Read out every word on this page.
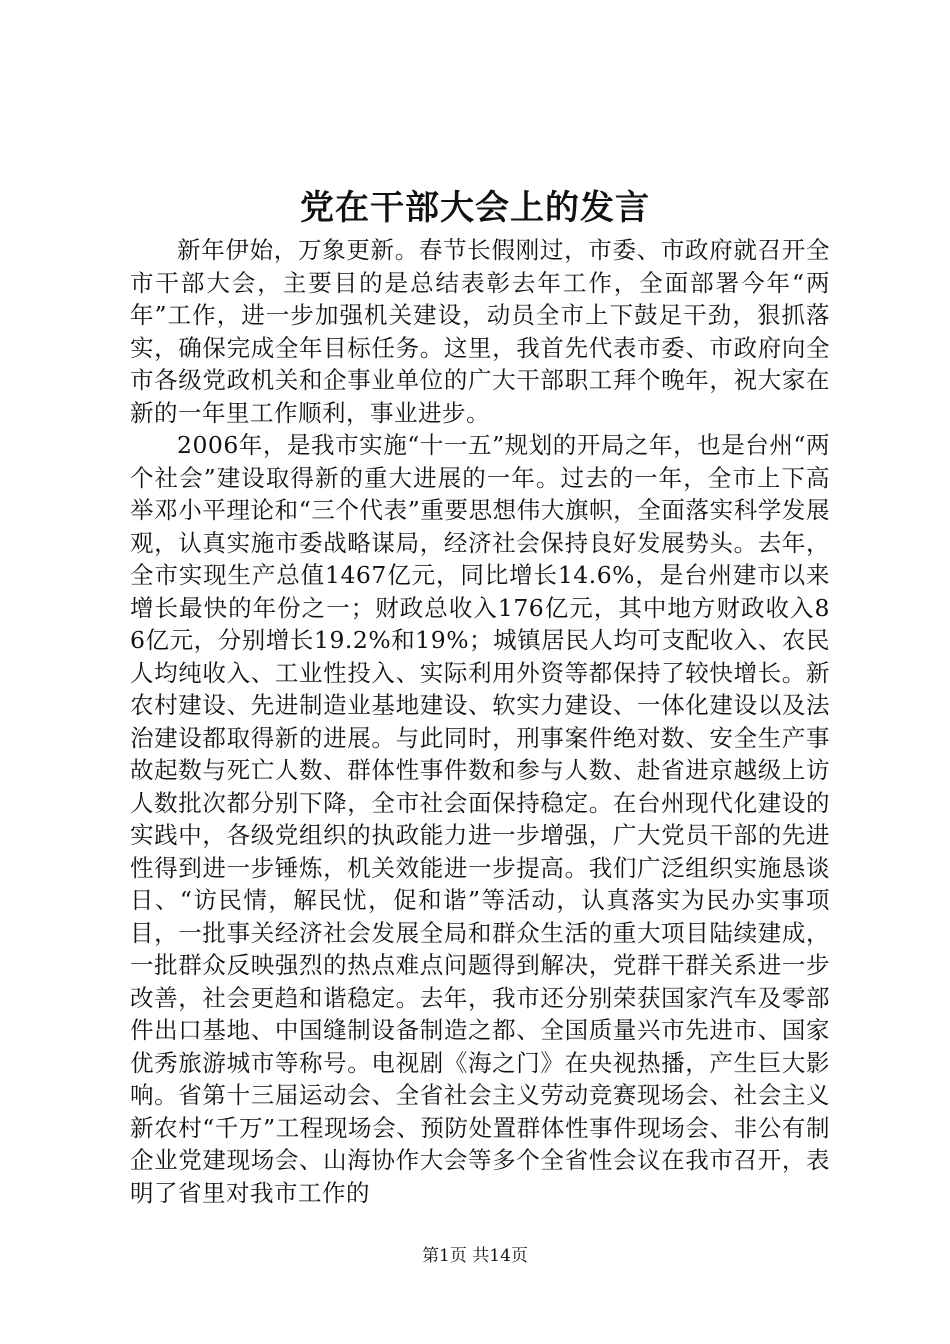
党在干部大会上的发言

新年伊始，万象更新。春节长假刚过，市委、市政府就召开全市干部大会，主要目的是总结表彰去年工作，全面部署今年“两年”工作，进一步加强机关建设，动员全市上下鼓足干劲，狠抓落实，确保完成全年目标任务。这里，我首先代表市委、市政府向全市各级党政机关和企事业单位的广大干部职工拜个晚年，祝大家在新的一年里工作顺利，事业进步。

2006年，是我市实施“十一五”规划的开局之年，也是台州“两个社会”建设取得新的重大进展的一年。过去的一年，全市上下高举邓小平理论和“三个代表”重要思想伟大旗帜，全面落实科学发展观，认真实施市委战略谋局，经济社会保持良好发展势头。去年，全市实现生产总值1467亿元，同比增长14.6%，是台州建市以来增长最快的年份之一；财政总收入176亿元，其中地方财政收入86亿元，分别增长19.2%和19%；城镇居民人均可支配收入、农民人均纯收入、工业性投入、实际利用外资等都保持了较快增长。新农村建设、先进制造业基地建设、软实力建设、一体化建设以及法治建设都取得新的进展。与此同时，刑事案件绝对数、安全生产事故起数与死亡人数、群体性事件数和参与人数、赴省进京越级上访人数批次都分别下降，全市社会面保持稳定。在台州现代化建设的实践中，各级党组织的执政能力进一步增强，广大党员干部的先进性得到进一步锤炼，机关效能进一步提高。我们广泛组织实施恳谈日、“访民情，解民忧，促和谐”等活动，认真落实为民办实事项目，一批事关经济社会发展全局和群众生活的重大项目陆续建成，一批群众反映强烈的热点难点问题得到解决，党群干群关系进一步改善，社会更趋和谐稳定。去年，我市还分别荣获国家汽车及零部件出口基地、中国缝制设备制造之都、全国质量兴市先进市、国家优秀旅游城市等称号。电视剧《海之门》在央视热播，产生巨大影响。省第十三届运动会、全省社会主义劳动竞赛现场会、社会主义新农村“千万”工程现场会、预防处置群体性事件现场会、非公有制企业党建现场会、山海协作大会等多个全省性会议在我市召开，表明了省里对我市工作的

第1页 共14页
